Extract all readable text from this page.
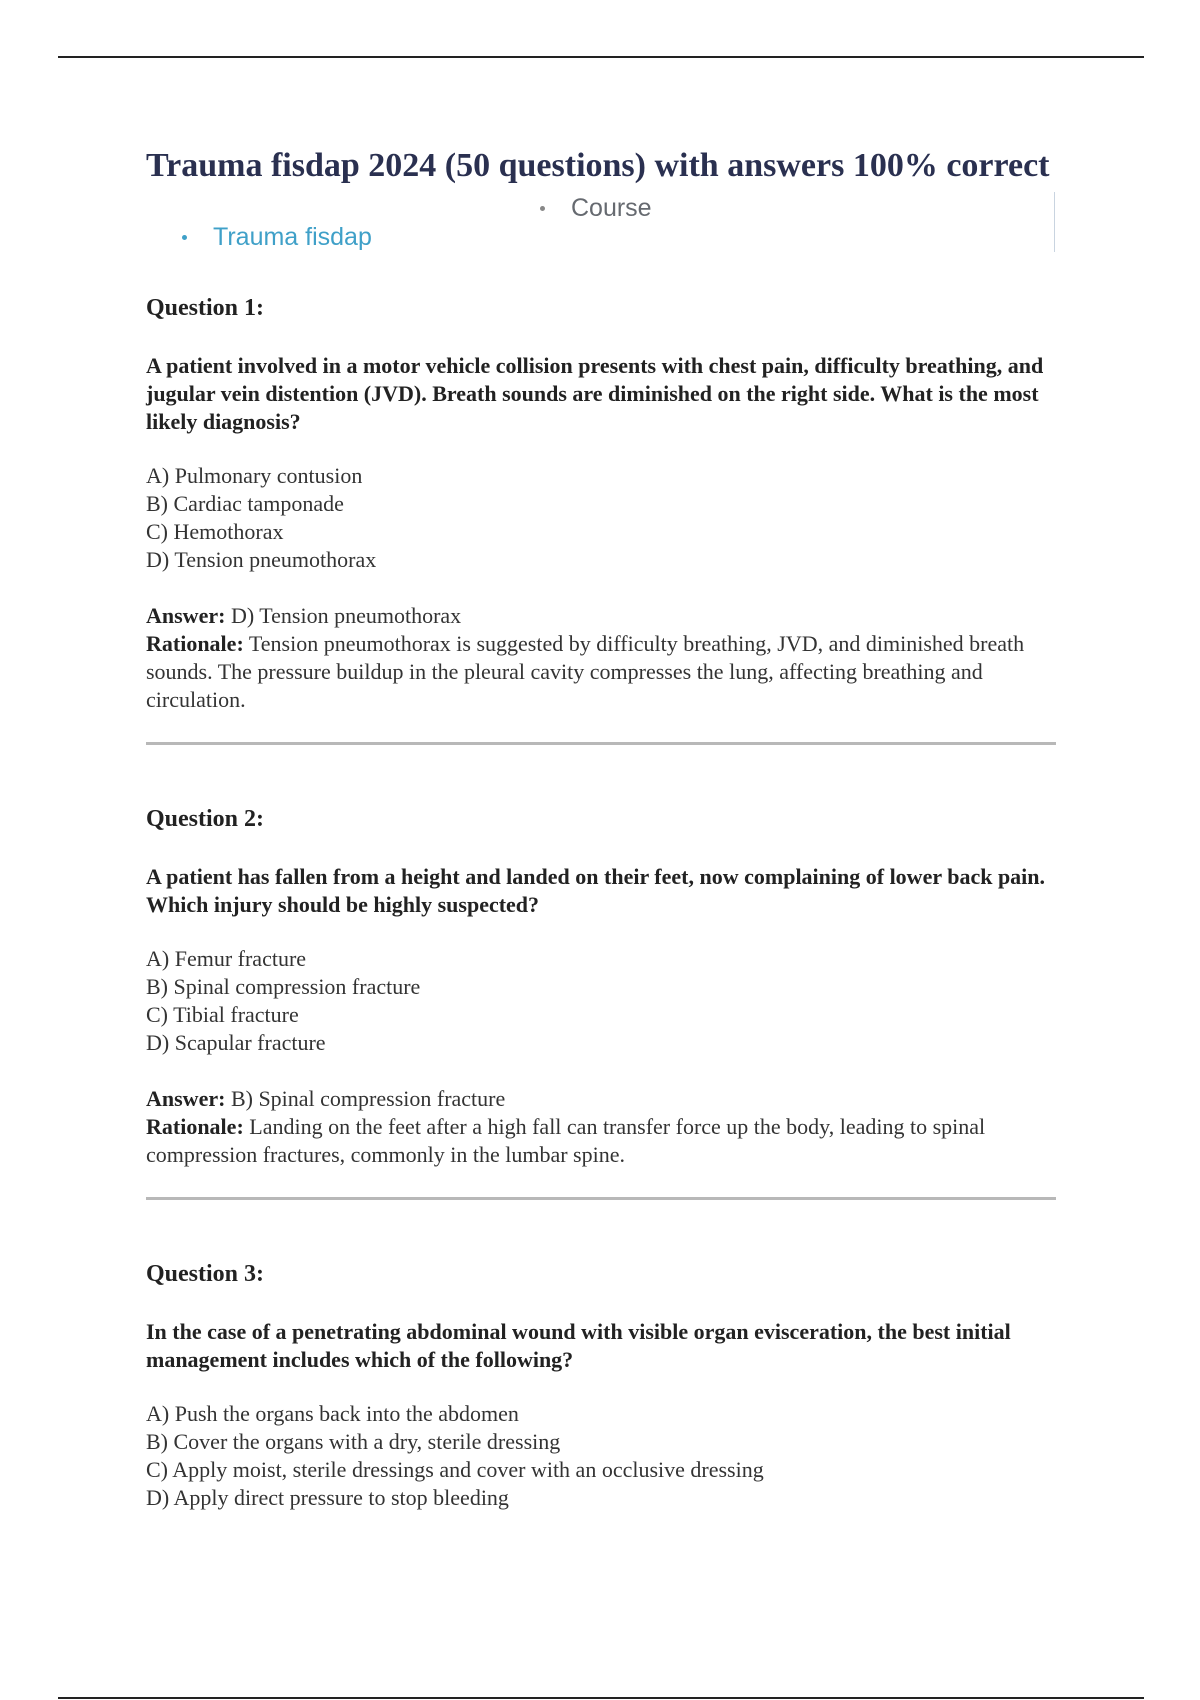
Trauma fisdap 2024 (50 questions) with answers 100% correct
Course
Trauma fisdap
Question 1:
A patient involved in a motor vehicle collision presents with chest pain, difficulty breathing, and jugular vein distention (JVD). Breath sounds are diminished on the right side. What is the most likely diagnosis?
A) Pulmonary contusion
B) Cardiac tamponade
C) Hemothorax
D) Tension pneumothorax
Answer: D) Tension pneumothorax
Rationale: Tension pneumothorax is suggested by difficulty breathing, JVD, and diminished breath sounds. The pressure buildup in the pleural cavity compresses the lung, affecting breathing and circulation.
Question 2:
A patient has fallen from a height and landed on their feet, now complaining of lower back pain. Which injury should be highly suspected?
A) Femur fracture
B) Spinal compression fracture
C) Tibial fracture
D) Scapular fracture
Answer: B) Spinal compression fracture
Rationale: Landing on the feet after a high fall can transfer force up the body, leading to spinal compression fractures, commonly in the lumbar spine.
Question 3:
In the case of a penetrating abdominal wound with visible organ evisceration, the best initial management includes which of the following?
A) Push the organs back into the abdomen
B) Cover the organs with a dry, sterile dressing
C) Apply moist, sterile dressings and cover with an occlusive dressing
D) Apply direct pressure to stop bleeding
